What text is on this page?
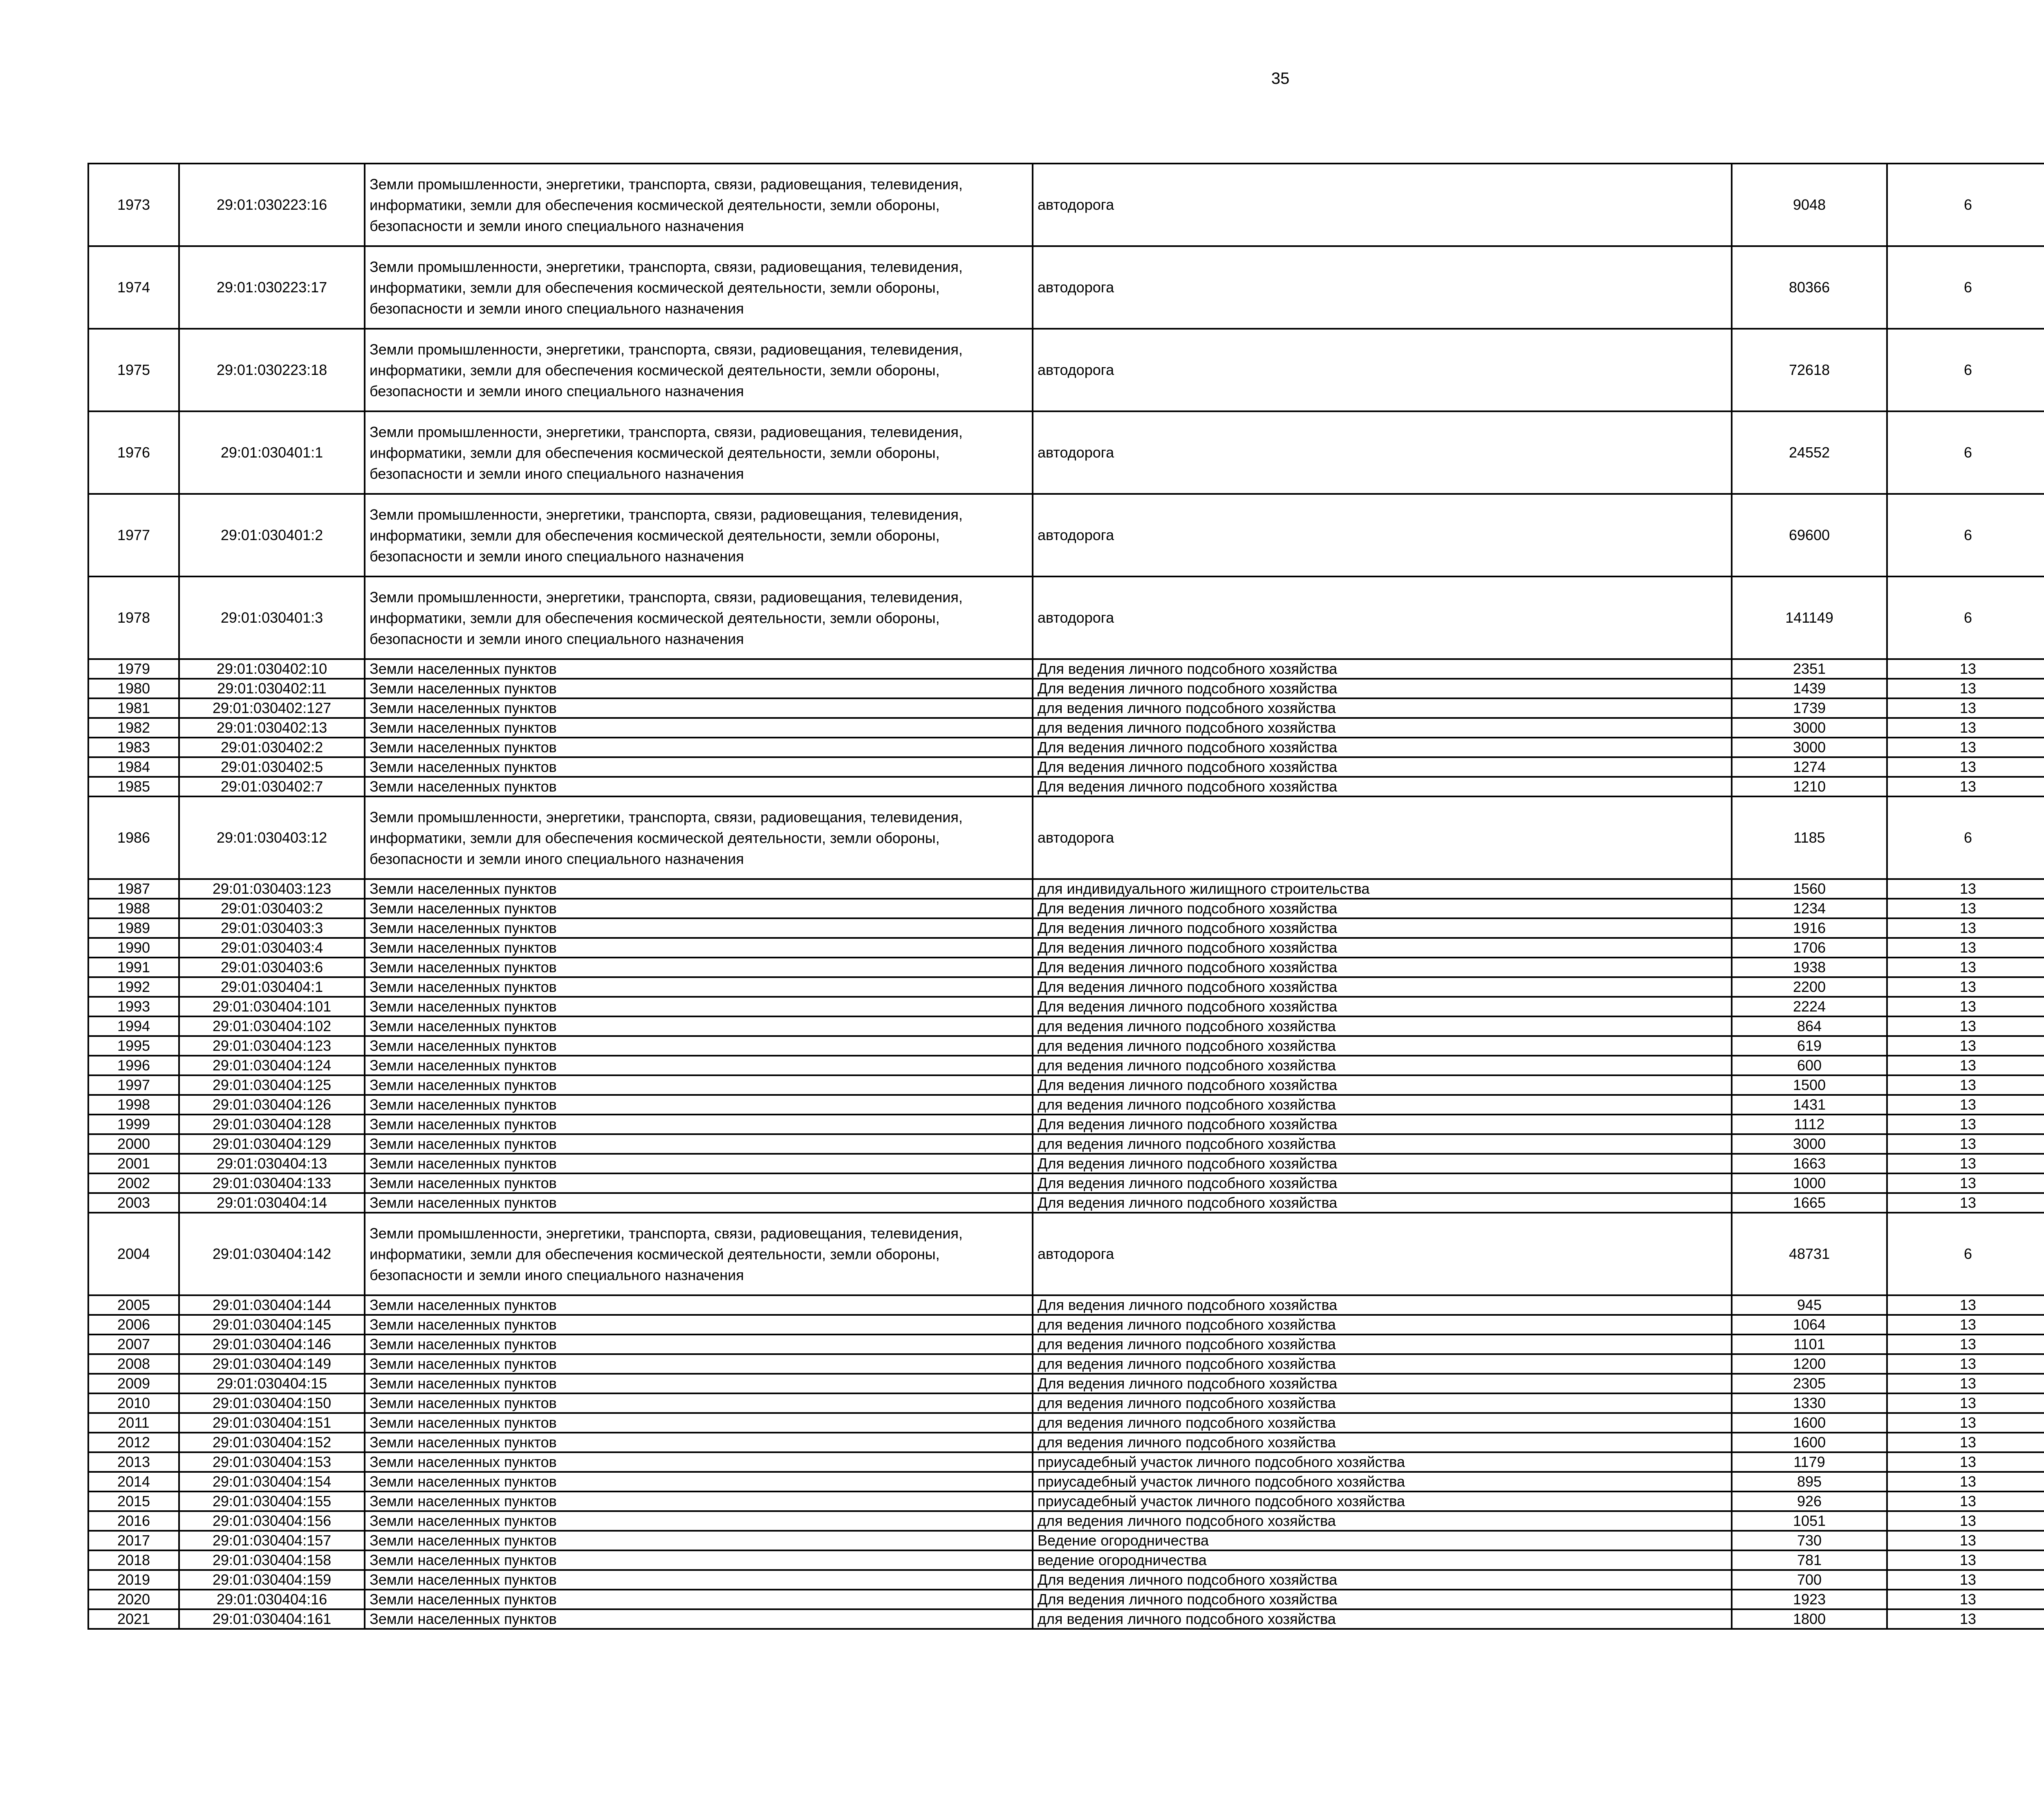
35
1973	29:01:030223:16	Земли промышленности, энергетики, транспорта, связи, радиовещания, телевидения, информатики, земли для обеспечения космической деятельности, земли обороны, безопасности и земли иного специального назначения	автодорога	9048	6		
1974	29:01:030223:17	Земли промышленности, энергетики, транспорта, связи, радиовещания, телевидения, информатики, земли для обеспечения космической деятельности, земли обороны, безопасности и земли иного специального назначения	автодорога	80366	6		
1975	29:01:030223:18	Земли промышленности, энергетики, транспорта, связи, радиовещания, телевидения, информатики, земли для обеспечения космической деятельности, земли обороны, безопасности и земли иного специального назначения	автодорога	72618	6		
1976	29:01:030401:1	Земли промышленности, энергетики, транспорта, связи, радиовещания, телевидения, информатики, земли для обеспечения космической деятельности, земли обороны, безопасности и земли иного специального назначения	автодорога	24552	6		
1977	29:01:030401:2	Земли промышленности, энергетики, транспорта, связи, радиовещания, телевидения, информатики, земли для обеспечения космической деятельности, земли обороны, безопасности и земли иного специального назначения	автодорога	69600	6		
1978	29:01:030401:3	Земли промышленности, энергетики, транспорта, связи, радиовещания, телевидения, информатики, земли для обеспечения космической деятельности, земли обороны, безопасности и земли иного специального назначения	автодорога	141149	6		
1979	29:01:030402:10	Земли населенных пунктов	Для ведения личного подсобного хозяйства	2351	13		
1980	29:01:030402:11	Земли населенных пунктов	Для ведения личного подсобного хозяйства	1439	13		
1981	29:01:030402:127	Земли населенных пунктов	для ведения личного подсобного хозяйства	1739	13		
1982	29:01:030402:13	Земли населенных пунктов	для ведения личного подсобного хозяйства	3000	13		
1983	29:01:030402:2	Земли населенных пунктов	Для ведения личного подсобного хозяйства	3000	13		
1984	29:01:030402:5	Земли населенных пунктов	Для ведения личного подсобного хозяйства	1274	13		
1985	29:01:030402:7	Земли населенных пунктов	Для ведения личного подсобного хозяйства	1210	13		
1986	29:01:030403:12	Земли промышленности, энергетики, транспорта, связи, радиовещания, телевидения, информатики, земли для обеспечения космической деятельности, земли обороны, безопасности и земли иного специального назначения	автодорога	1185	6		
1987	29:01:030403:123	Земли населенных пунктов	для индивидуального жилищного строительства	1560	13		
1988	29:01:030403:2	Земли населенных пунктов	Для ведения личного подсобного хозяйства	1234	13		
1989	29:01:030403:3	Земли населенных пунктов	Для ведения личного подсобного хозяйства	1916	13		
1990	29:01:030403:4	Земли населенных пунктов	Для ведения личного подсобного хозяйства	1706	13		
1991	29:01:030403:6	Земли населенных пунктов	Для ведения личного подсобного хозяйства	1938	13		
1992	29:01:030404:1	Земли населенных пунктов	Для ведения личного подсобного хозяйства	2200	13		
1993	29:01:030404:101	Земли населенных пунктов	Для ведения личного подсобного хозяйства	2224	13		
1994	29:01:030404:102	Земли населенных пунктов	для ведения личного подсобного хозяйства	864	13		
1995	29:01:030404:123	Земли населенных пунктов	для ведения личного подсобного хозяйства	619	13		
1996	29:01:030404:124	Земли населенных пунктов	для ведения личного подсобного хозяйства	600	13		
1997	29:01:030404:125	Земли населенных пунктов	Для ведения личного подсобного хозяйства	1500	13		
1998	29:01:030404:126	Земли населенных пунктов	для ведения личного подсобного хозяйства	1431	13		
1999	29:01:030404:128	Земли населенных пунктов	Для ведения личного подсобного хозяйства	1112	13		
2000	29:01:030404:129	Земли населенных пунктов	для ведения личного подсобного хозяйства	3000	13		
2001	29:01:030404:13	Земли населенных пунктов	Для ведения личного подсобного хозяйства	1663	13		
2002	29:01:030404:133	Земли населенных пунктов	Для ведения личного подсобного хозяйства	1000	13		
2003	29:01:030404:14	Земли населенных пунктов	Для ведения личного подсобного хозяйства	1665	13		
2004	29:01:030404:142	Земли промышленности, энергетики, транспорта, связи, радиовещания, телевидения, информатики, земли для обеспечения космической деятельности, земли обороны, безопасности и земли иного специального назначения	автодорога	48731	6		
2005	29:01:030404:144	Земли населенных пунктов	Для ведения личного подсобного хозяйства	945	13		
2006	29:01:030404:145	Земли населенных пунктов	для ведения личного подсобного хозяйства	1064	13		
2007	29:01:030404:146	Земли населенных пунктов	для ведения личного подсобного хозяйства	1101	13		
2008	29:01:030404:149	Земли населенных пунктов	для ведения личного подсобного хозяйства	1200	13		
2009	29:01:030404:15	Земли населенных пунктов	Для ведения личного подсобного хозяйства	2305	13		
2010	29:01:030404:150	Земли населенных пунктов	для ведения личного подсобного хозяйства	1330	13		
2011	29:01:030404:151	Земли населенных пунктов	для ведения личного подсобного хозяйства	1600	13		
2012	29:01:030404:152	Земли населенных пунктов	для ведения личного подсобного хозяйства	1600	13		
2013	29:01:030404:153	Земли населенных пунктов	приусадебный участок личного подсобного хозяйства	1179	13		
2014	29:01:030404:154	Земли населенных пунктов	приусадебный участок личного подсобного хозяйства	895	13		
2015	29:01:030404:155	Земли населенных пунктов	приусадебный участок личного подсобного хозяйства	926	13		
2016	29:01:030404:156	Земли населенных пунктов	для ведения личного подсобного хозяйства	1051	13		
2017	29:01:030404:157	Земли населенных пунктов	Ведение огородничества	730	13		
2018	29:01:030404:158	Земли населенных пунктов	ведение огородничества	781	13		
2019	29:01:030404:159	Земли населенных пунктов	Для ведения личного подсобного хозяйства	700	13		
2020	29:01:030404:16	Земли населенных пунктов	Для ведения личного подсобного хозяйства	1923	13		
2021	29:01:030404:161	Земли населенных пунктов	для ведения личного подсобного хозяйства	1800	13		
